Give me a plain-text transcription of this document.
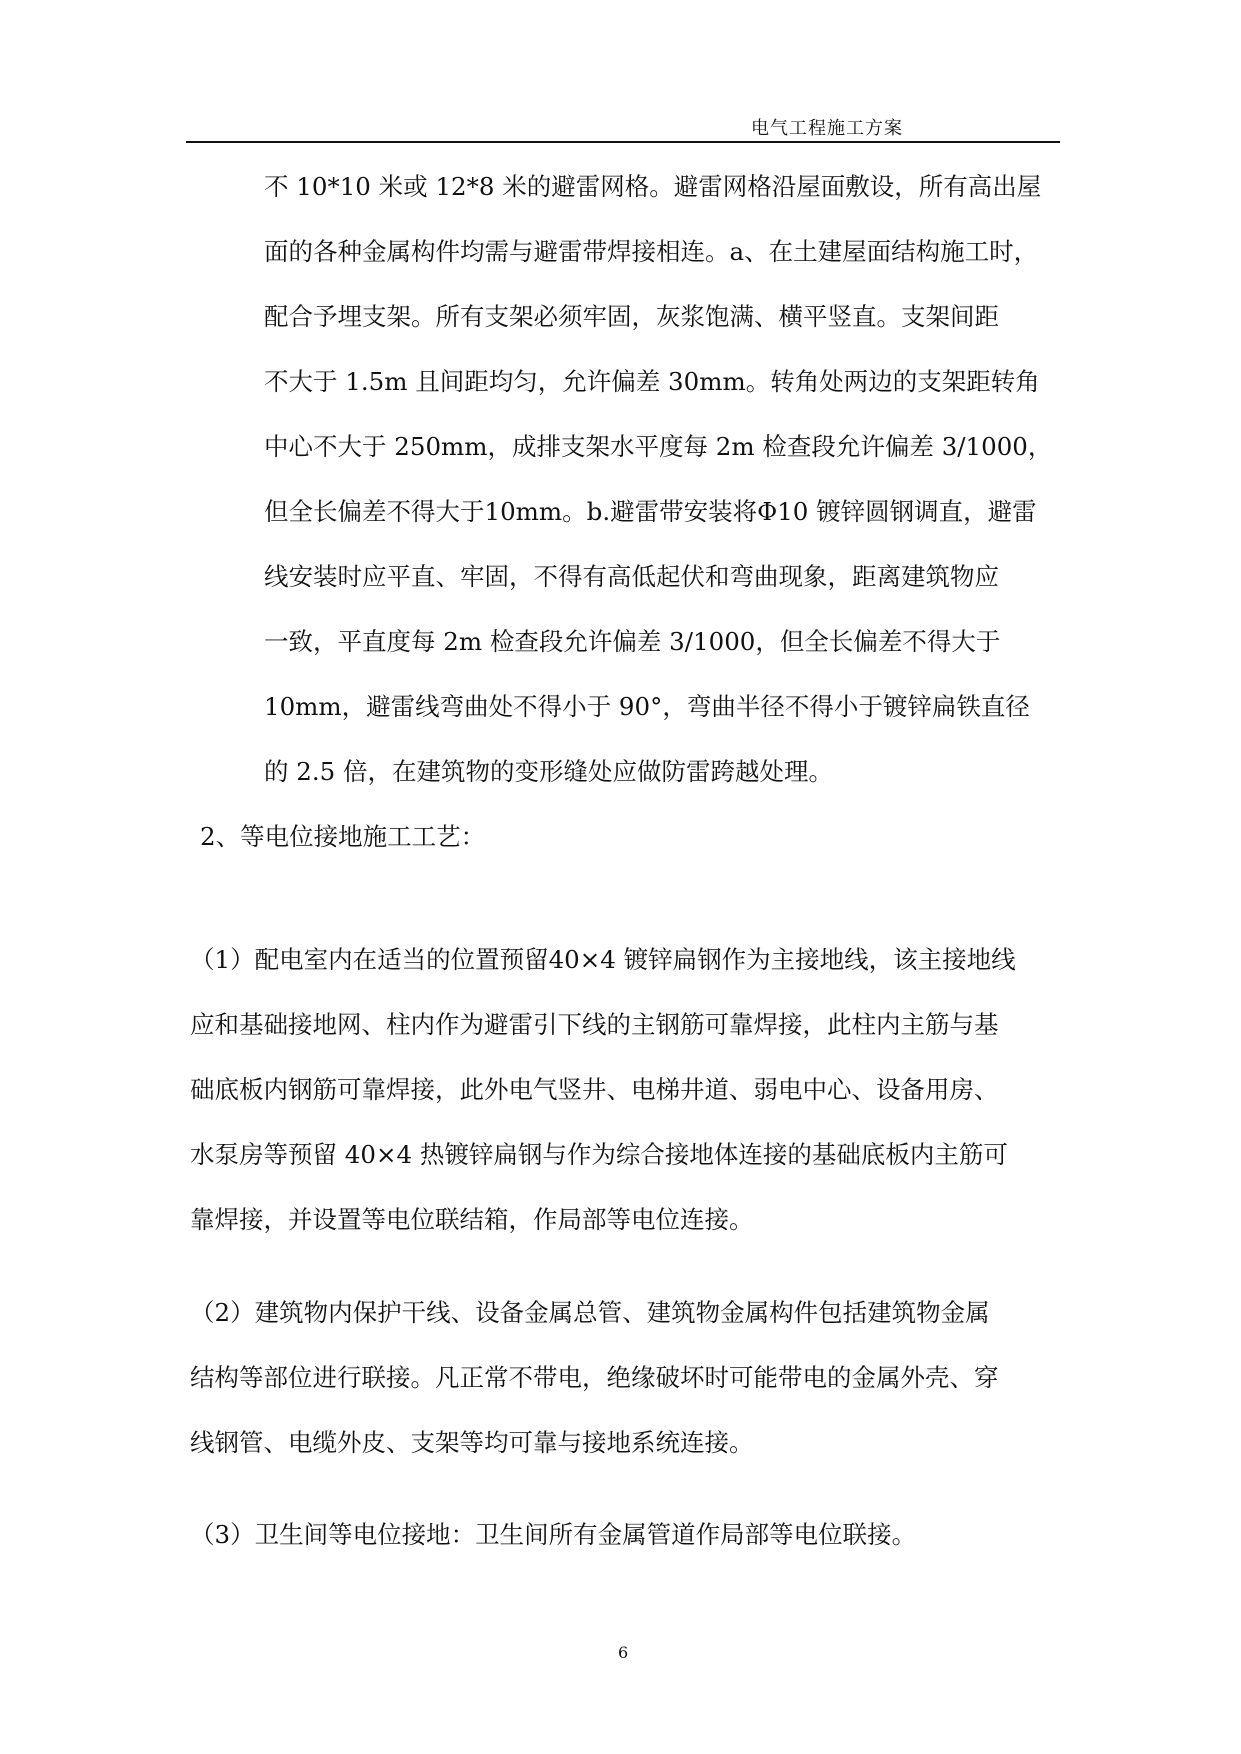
电气工程施工方案
不 10*10 米或 12*8 米的避雷网格。避雷网格沿屋面敷设，所有高出屋
面的各种金属构件均需与避雷带焊接相连。a、在土建屋面结构施工时，
配合予埋支架。所有支架必须牢固，灰浆饱满、横平竖直。支架间距
不大于 1.5m 且间距均匀，允许偏差 30mm。转角处两边的支架距转角
中心不大于 250mm，成排支架水平度每 2m 检查段允许偏差 3/1000，
但全长偏差不得大于10mm。b.避雷带安装将Φ10 镀锌圆钢调直，避雷
线安装时应平直、牢固，不得有高低起伏和弯曲现象，距离建筑物应
一致，平直度每 2m 检查段允许偏差 3/1000，但全长偏差不得大于
10mm，避雷线弯曲处不得小于 90°，弯曲半径不得小于镀锌扁铁直径
的 2.5 倍，在建筑物的变形缝处应做防雷跨越处理。
2、等电位接地施工工艺：
（1）配电室内在适当的位置预留40×4 镀锌扁钢作为主接地线，该主接地线
应和基础接地网、柱内作为避雷引下线的主钢筋可靠焊接，此柱内主筋与基
础底板内钢筋可靠焊接，此外电气竖井、电梯井道、弱电中心、设备用房、
水泵房等预留 40×4 热镀锌扁钢与作为综合接地体连接的基础底板内主筋可
靠焊接，并设置等电位联结箱，作局部等电位连接。
（2）建筑物内保护干线、设备金属总管、建筑物金属构件包括建筑物金属
结构等部位进行联接。凡正常不带电，绝缘破坏时可能带电的金属外壳、穿
线钢管、电缆外皮、支架等均可靠与接地系统连接。
（3）卫生间等电位接地：卫生间所有金属管道作局部等电位联接。
6
